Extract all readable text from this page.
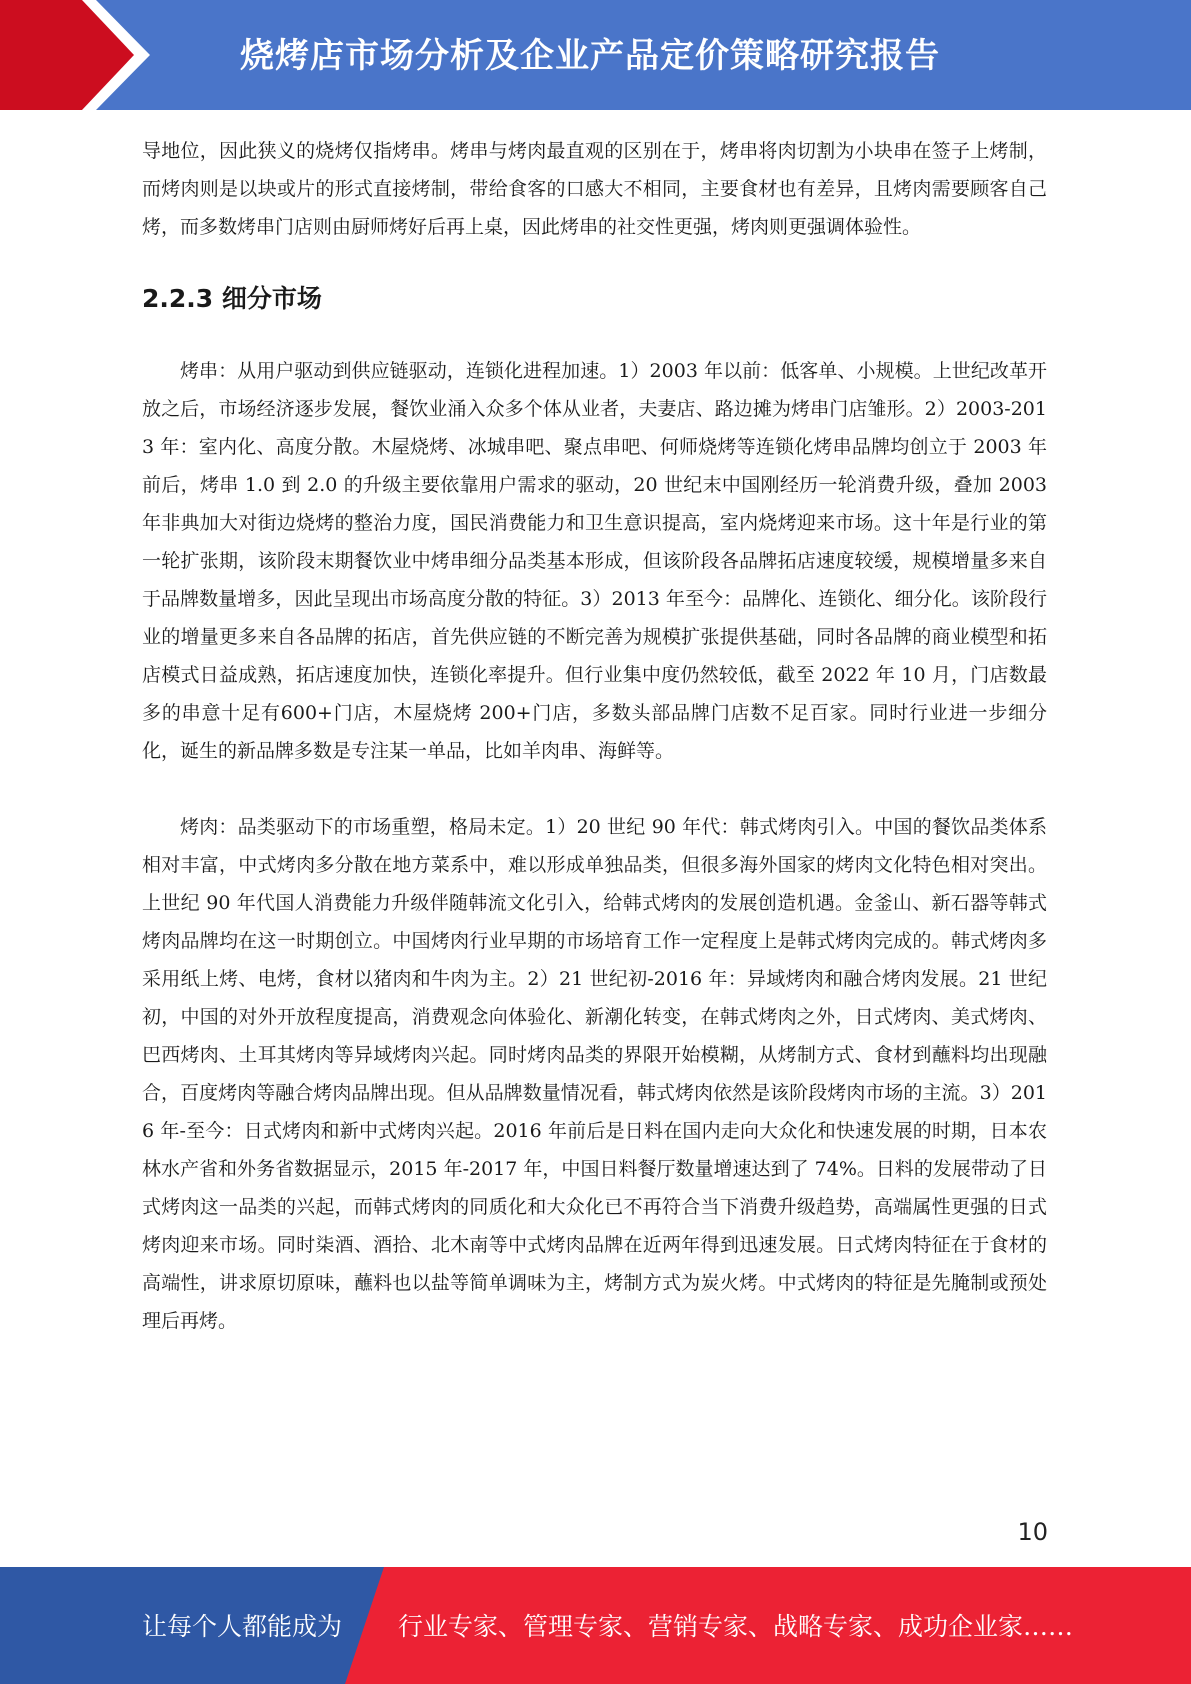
烧烤店市场分析及企业产品定价策略研究报告

导地位，因此狭义的烧烤仅指烤串。烤串与烤肉最直观的区别在于，烤串将肉切割为小块串在签子上烤制，而烤肉则是以块或片的形式直接烤制，带给食客的口感大不相同，主要食材也有差异，且烤肉需要顾客自己烤，而多数烤串门店则由厨师烤好后再上桌，因此烤串的社交性更强，烤肉则更强调体验性。

2.2.3 细分市场

烤串：从用户驱动到供应链驱动，连锁化进程加速。1）2003 年以前：低客单、小规模。上世纪改革开放之后，市场经济逐步发展，餐饮业涌入众多个体从业者，夫妻店、路边摊为烤串门店雏形。2）2003-2013 年：室内化、高度分散。木屋烧烤、冰城串吧、聚点串吧、何师烧烤等连锁化烤串品牌均创立于 2003 年前后，烤串 1.0 到 2.0 的升级主要依靠用户需求的驱动，20 世纪末中国刚经历一轮消费升级，叠加 2003 年非典加大对街边烧烤的整治力度，国民消费能力和卫生意识提高，室内烧烤迎来市场。这十年是行业的第一轮扩张期，该阶段末期餐饮业中烤串细分品类基本形成，但该阶段各品牌拓店速度较缓，规模增量多来自于品牌数量增多，因此呈现出市场高度分散的特征。3）2013 年至今：品牌化、连锁化、细分化。该阶段行业的增量更多来自各品牌的拓店，首先供应链的不断完善为规模扩张提供基础，同时各品牌的商业模型和拓店模式日益成熟，拓店速度加快，连锁化率提升。但行业集中度仍然较低，截至 2022 年 10 月，门店数最多的串意十足有600+门店，木屋烧烤 200+门店，多数头部品牌门店数不足百家。同时行业进一步细分化，诞生的新品牌多数是专注某一单品，比如羊肉串、海鲜等。

烤肉：品类驱动下的市场重塑，格局未定。1）20 世纪 90 年代：韩式烤肉引入。中国的餐饮品类体系相对丰富，中式烤肉多分散在地方菜系中，难以形成单独品类，但很多海外国家的烤肉文化特色相对突出。上世纪 90 年代国人消费能力升级伴随韩流文化引入，给韩式烤肉的发展创造机遇。金釜山、新石器等韩式烤肉品牌均在这一时期创立。中国烤肉行业早期的市场培育工作一定程度上是韩式烤肉完成的。韩式烤肉多采用纸上烤、电烤，食材以猪肉和牛肉为主。2）21 世纪初-2016 年：异域烤肉和融合烤肉发展。21 世纪初，中国的对外开放程度提高，消费观念向体验化、新潮化转变，在韩式烤肉之外，日式烤肉、美式烤肉、巴西烤肉、土耳其烤肉等异域烤肉兴起。同时烤肉品类的界限开始模糊，从烤制方式、食材到蘸料均出现融合，百度烤肉等融合烤肉品牌出现。但从品牌数量情况看，韩式烤肉依然是该阶段烤肉市场的主流。3）2016 年-至今：日式烤肉和新中式烤肉兴起。2016 年前后是日料在国内走向大众化和快速发展的时期，日本农林水产省和外务省数据显示，2015 年-2017 年，中国日料餐厅数量增速达到了 74%。日料的发展带动了日式烤肉这一品类的兴起，而韩式烤肉的同质化和大众化已不再符合当下消费升级趋势，高端属性更强的日式烤肉迎来市场。同时柒酒、酒拾、北木南等中式烤肉品牌在近两年得到迅速发展。日式烤肉特征在于食材的高端性，讲求原切原味，蘸料也以盐等简单调味为主，烤制方式为炭火烤。中式烤肉的特征是先腌制或预处理后再烤。

10
让每个人都能成为 行业专家、管理专家、营销专家、战略专家、成功企业家……
